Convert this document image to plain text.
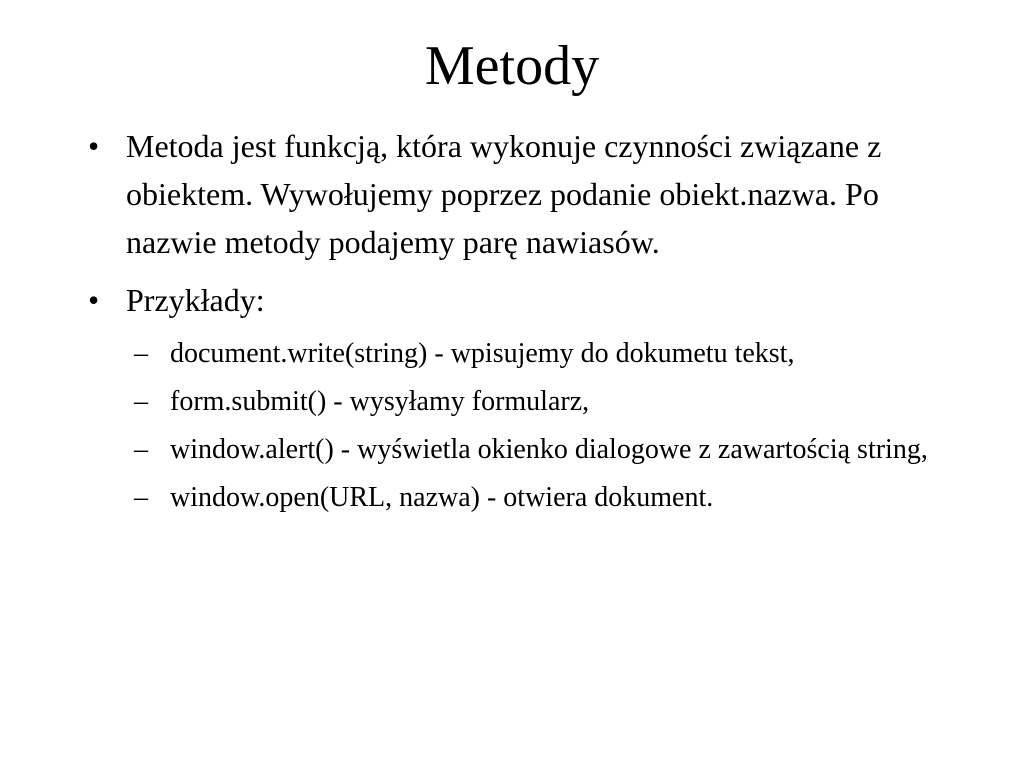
Metody
• Metoda jest funkcją, która wykonuje czynności związane z obiektem. Wywołujemy poprzez podanie obiekt.nazwa. Po nazwie metody podajemy parę nawiasów.
• Przykłady:
– document.write(string) - wpisujemy do dokumetu tekst,
– form.submit() - wysyłamy formularz,
– window.alert() - wyświetla okienko dialogowe z zawartością string,
– window.open(URL, nazwa) - otwiera dokument.
